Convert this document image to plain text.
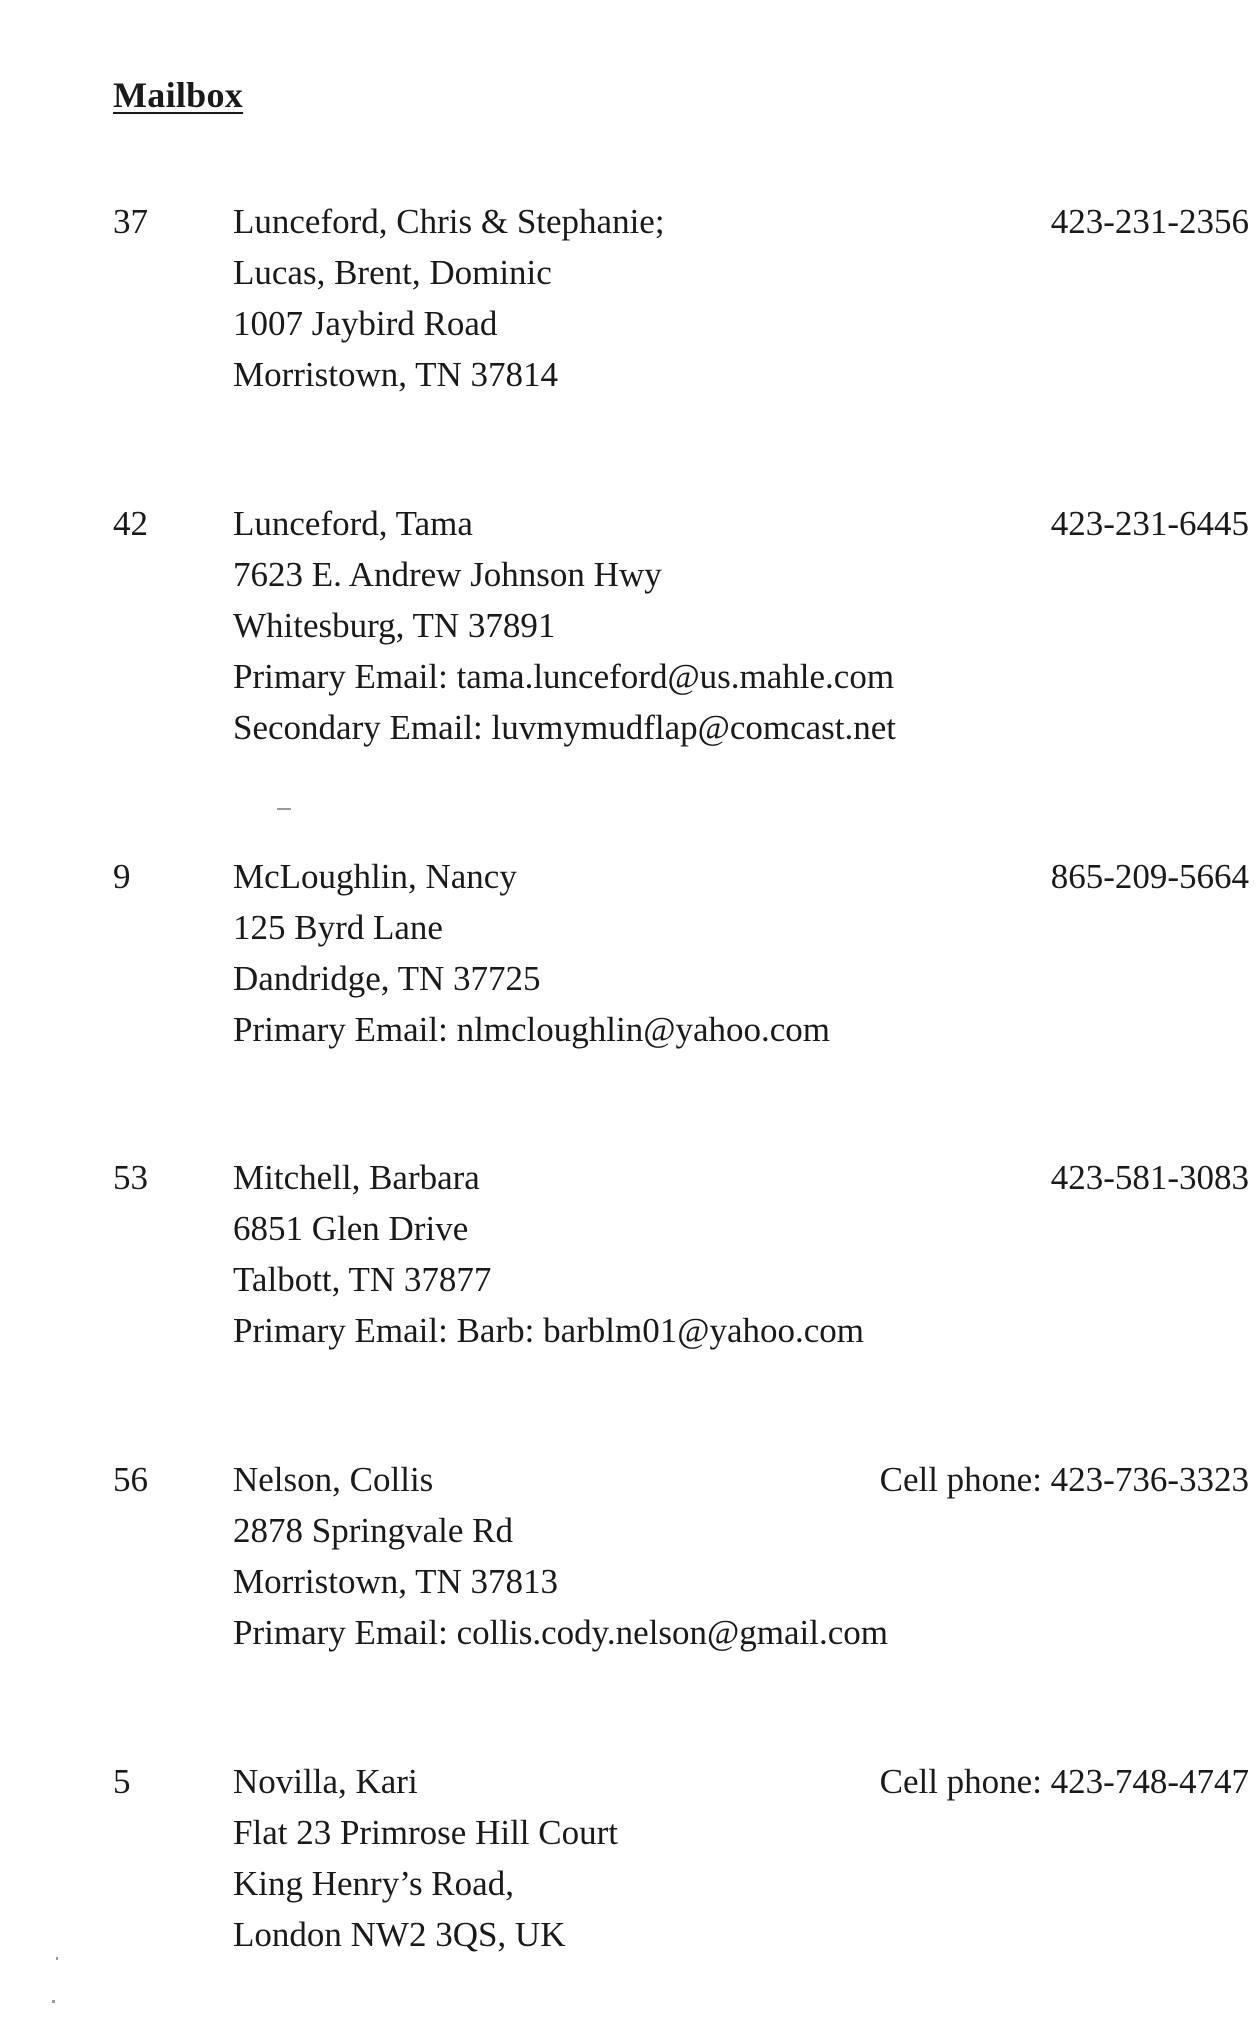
Mailbox
37 Lunceford, Chris & Stephanie;
Lucas, Brent, Dominic
1007 Jaybird Road
Morristown, TN 37814
423-231-2356
42 Lunceford, Tama
7623 E. Andrew Johnson Hwy
Whitesburg, TN 37891
Primary Email: tama.lunceford@us.mahle.com
Secondary Email: luvmymudflap@comcast.net
423-231-6445
9	McLoughlin, Nancy
125 Byrd Lane
Dandridge, TN 37725
Primary Email: nlmcloughlin@yahoo.com
865-209-5664
53 Mitchell, Barbara
6851 Glen Drive
Talbott, TN 37877
Primary Email: Barb: barblm01@yahoo.com
423-581-3083
56 Nelson, Collis
2878 Springvale Rd
Morristown, TN 37813
Primary Email: collis.cody.nelson@gmail.com
Cell phone: 423-736-3323
5	Novilla, Kari
Flat 23 Primrose Hill Court
King Henry’s Road,
London NW2 3QS, UK
Cell phone: 423-748-4747
